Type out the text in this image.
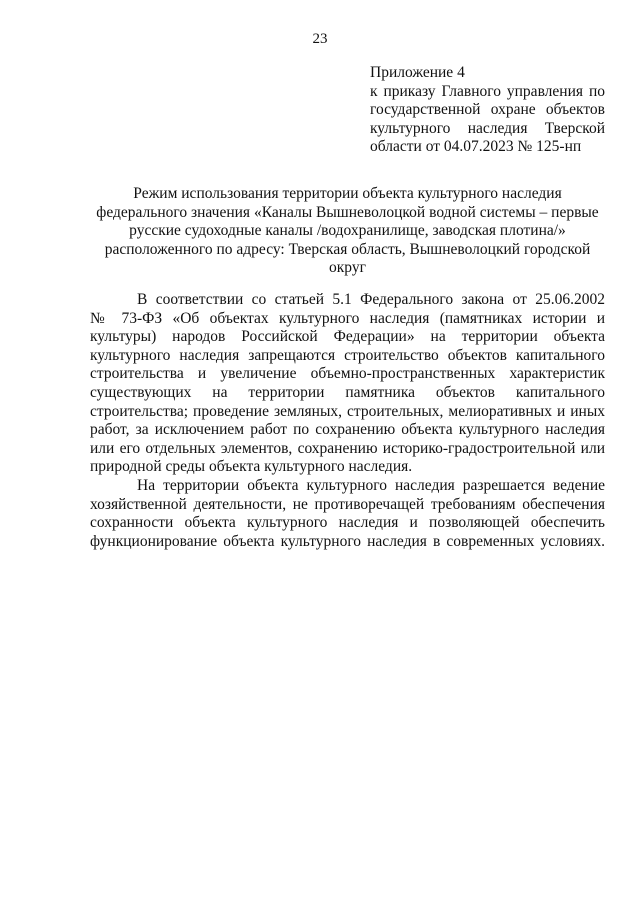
23
Приложение 4
к приказу Главного управления по
государственной охране объектов
культурного наследия Тверской
области от 04.07.2023 № 125-нп
Режим использования территории объекта культурного наследия
федерального значения «Каналы Вышневолоцкой водной системы – первые
русские судоходные каналы /водохранилище, заводская плотина/»
расположенного по адресу: Тверская область, Вышневолоцкий городской
округ
В соответствии со статьей 5.1 Федерального закона от 25.06.2002
№ 73-ФЗ «Об объектах культурного наследия (памятниках истории и
культуры) народов Российской Федерации» на территории объекта
культурного наследия запрещаются строительство объектов капитального
строительства и увеличение объемно-пространственных характеристик
существующих на территории памятника объектов капитального
строительства; проведение земляных, строительных, мелиоративных и иных
работ, за исключением работ по сохранению объекта культурного наследия
или его отдельных элементов, сохранению историко-градостроительной или
природной среды объекта культурного наследия.
На территории объекта культурного наследия разрешается ведение
хозяйственной деятельности, не противоречащей требованиям обеспечения
сохранности объекта культурного наследия и позволяющей обеспечить
функционирование объекта культурного наследия в современных условиях.
